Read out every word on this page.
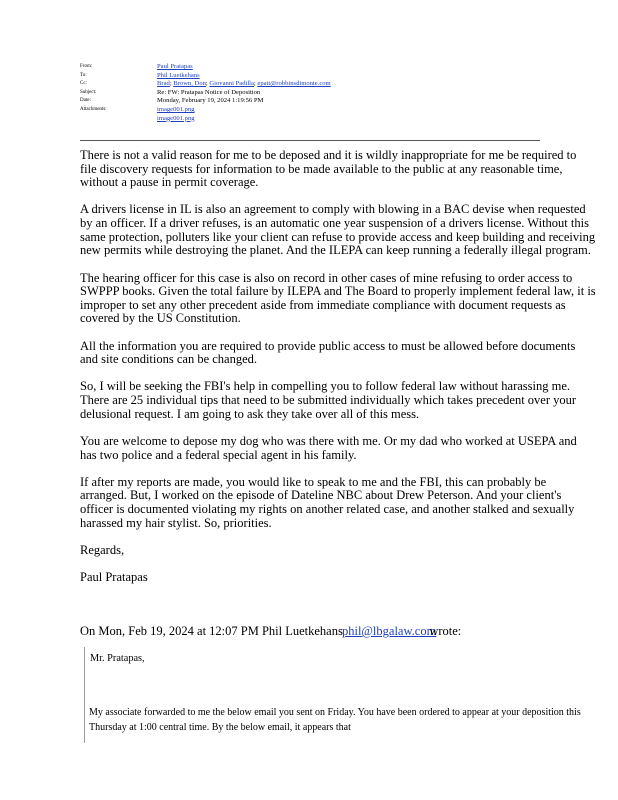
From:	Paul Pratapas
To:	Phil Luetkehans
Cc:	Brad; Brown, Don; Giovanni Padilla; epatt@robbinsdimonte.com
Subject:	Re: FW: Pratapas Notice of Deposition
Date:	Monday, February 19, 2024 1:19:56 PM
Attachments:	image001.png
image001.png

There is not a valid reason for me to be deposed and it is wildly inappropriate for me be required to file discovery requests for information to be made available to the public at any reasonable time, without a pause in permit coverage.

A drivers license in IL is also an agreement to comply with blowing in a BAC devise when requested by an officer. If a driver refuses, is an automatic one year suspension of a drivers license. Without this same protection, polluters like your client can refuse to provide access and keep building and receiving new permits while destroying the planet. And the ILEPA can keep running a federally illegal program.

The hearing officer for this case is also on record in other cases of mine refusing to order access to SWPPP books. Given the total failure by ILEPA and The Board to properly implement federal law, it is improper to set any other precedent aside from immediate compliance with document requests as covered by the US Constitution.

All the information you are required to provide public access to must be allowed before documents and site conditions can be changed.

So, I will be seeking the FBI's help in compelling you to follow federal law without harassing me. There are 25 individual tips that need to be submitted individually which takes precedent over your delusional request. I am going to ask they take over all of this mess.

You are welcome to depose my dog who was there with me. Or my dad who worked at USEPA and has two police and a federal special agent in his family.

If after my reports are made, you would like to speak to me and the FBI, this can probably be arranged. But, I worked on the episode of Dateline NBC about Drew Peterson. And your client's officer is documented violating my rights on another related case, and another stalked and sexually harassed my hair stylist. So, priorities.

Regards,

Paul Pratapas

On Mon, Feb 19, 2024 at 12:07 PM Phil Luetkehans phil@lbgalaw.comwrote:
Mr. Pratapas,
My associate forwarded to me the below email you sent on Friday. You have been ordered to appear at your deposition this Thursday at 1:00 central time. By the below email, it appears that
